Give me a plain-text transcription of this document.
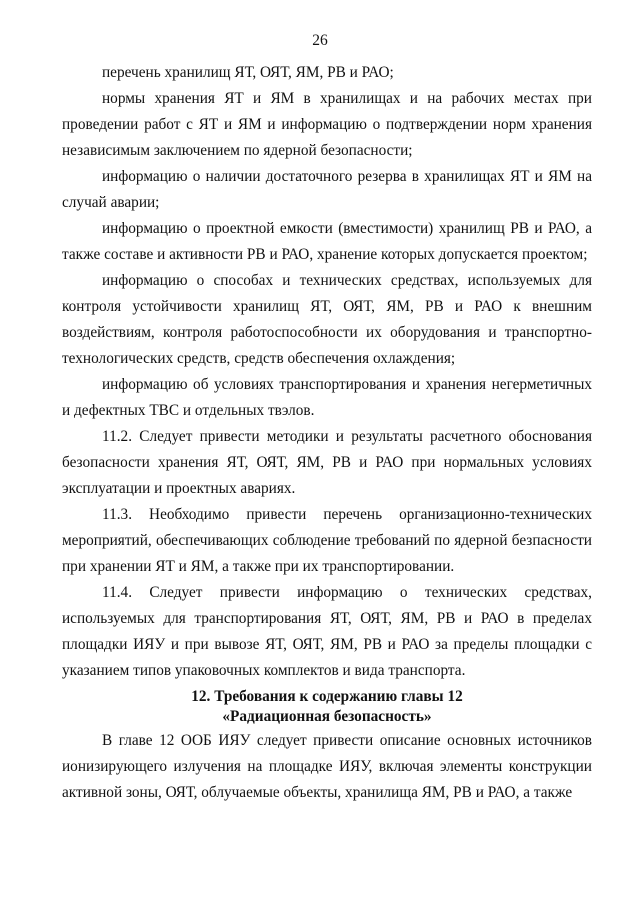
26

перечень хранилищ ЯТ, ОЯТ, ЯМ, РВ и РАО;

нормы хранения ЯТ и ЯМ в хранилищах и на рабочих местах при проведении работ с ЯТ и ЯМ и информацию о подтверждении норм хранения независимым заключением по ядерной безопасности;

информацию о наличии достаточного резерва в хранилищах ЯТ и ЯМ на случай аварии;

информацию о проектной емкости (вместимости) хранилищ РВ и РАО, а также составе и активности РВ и РАО, хранение которых допускается проектом;

информацию о способах и технических средствах, используемых для контроля устойчивости хранилищ ЯТ, ОЯТ, ЯМ, РВ и РАО к внешним воздействиям, контроля работоспособности их оборудования и транспортно-технологических средств, средств обеспечения охлаждения;

информацию об условиях транспортирования и хранения негерметичных и дефектных ТВС и отдельных твэлов.

11.2. Следует привести методики и результаты расчетного обоснования безопасности хранения ЯТ, ОЯТ, ЯМ, РВ и РАО при нормальных условиях эксплуатации и проектных авариях.

11.3. Необходимо привести перечень организационно-технических мероприятий, обеспечивающих соблюдение требований по ядерной безпасности при хранении ЯТ и ЯМ, а также при их транспортировании.

11.4. Следует привести информацию о технических средствах, используемых для транспортирования ЯТ, ОЯТ, ЯМ, РВ и РАО в пределах площадки ИЯУ и при вывозе ЯТ, ОЯТ, ЯМ, РВ и РАО за пределы площадки с указанием типов упаковочных комплектов и вида транспорта.

12. Требования к содержанию главы 12
«Радиационная безопасность»

В главе 12 ООБ ИЯУ следует привести описание основных источников ионизирующего излучения на площадке ИЯУ, включая элементы конструкции активной зоны, ОЯТ, облучаемые объекты, хранилища ЯМ, РВ и РАО, а также
